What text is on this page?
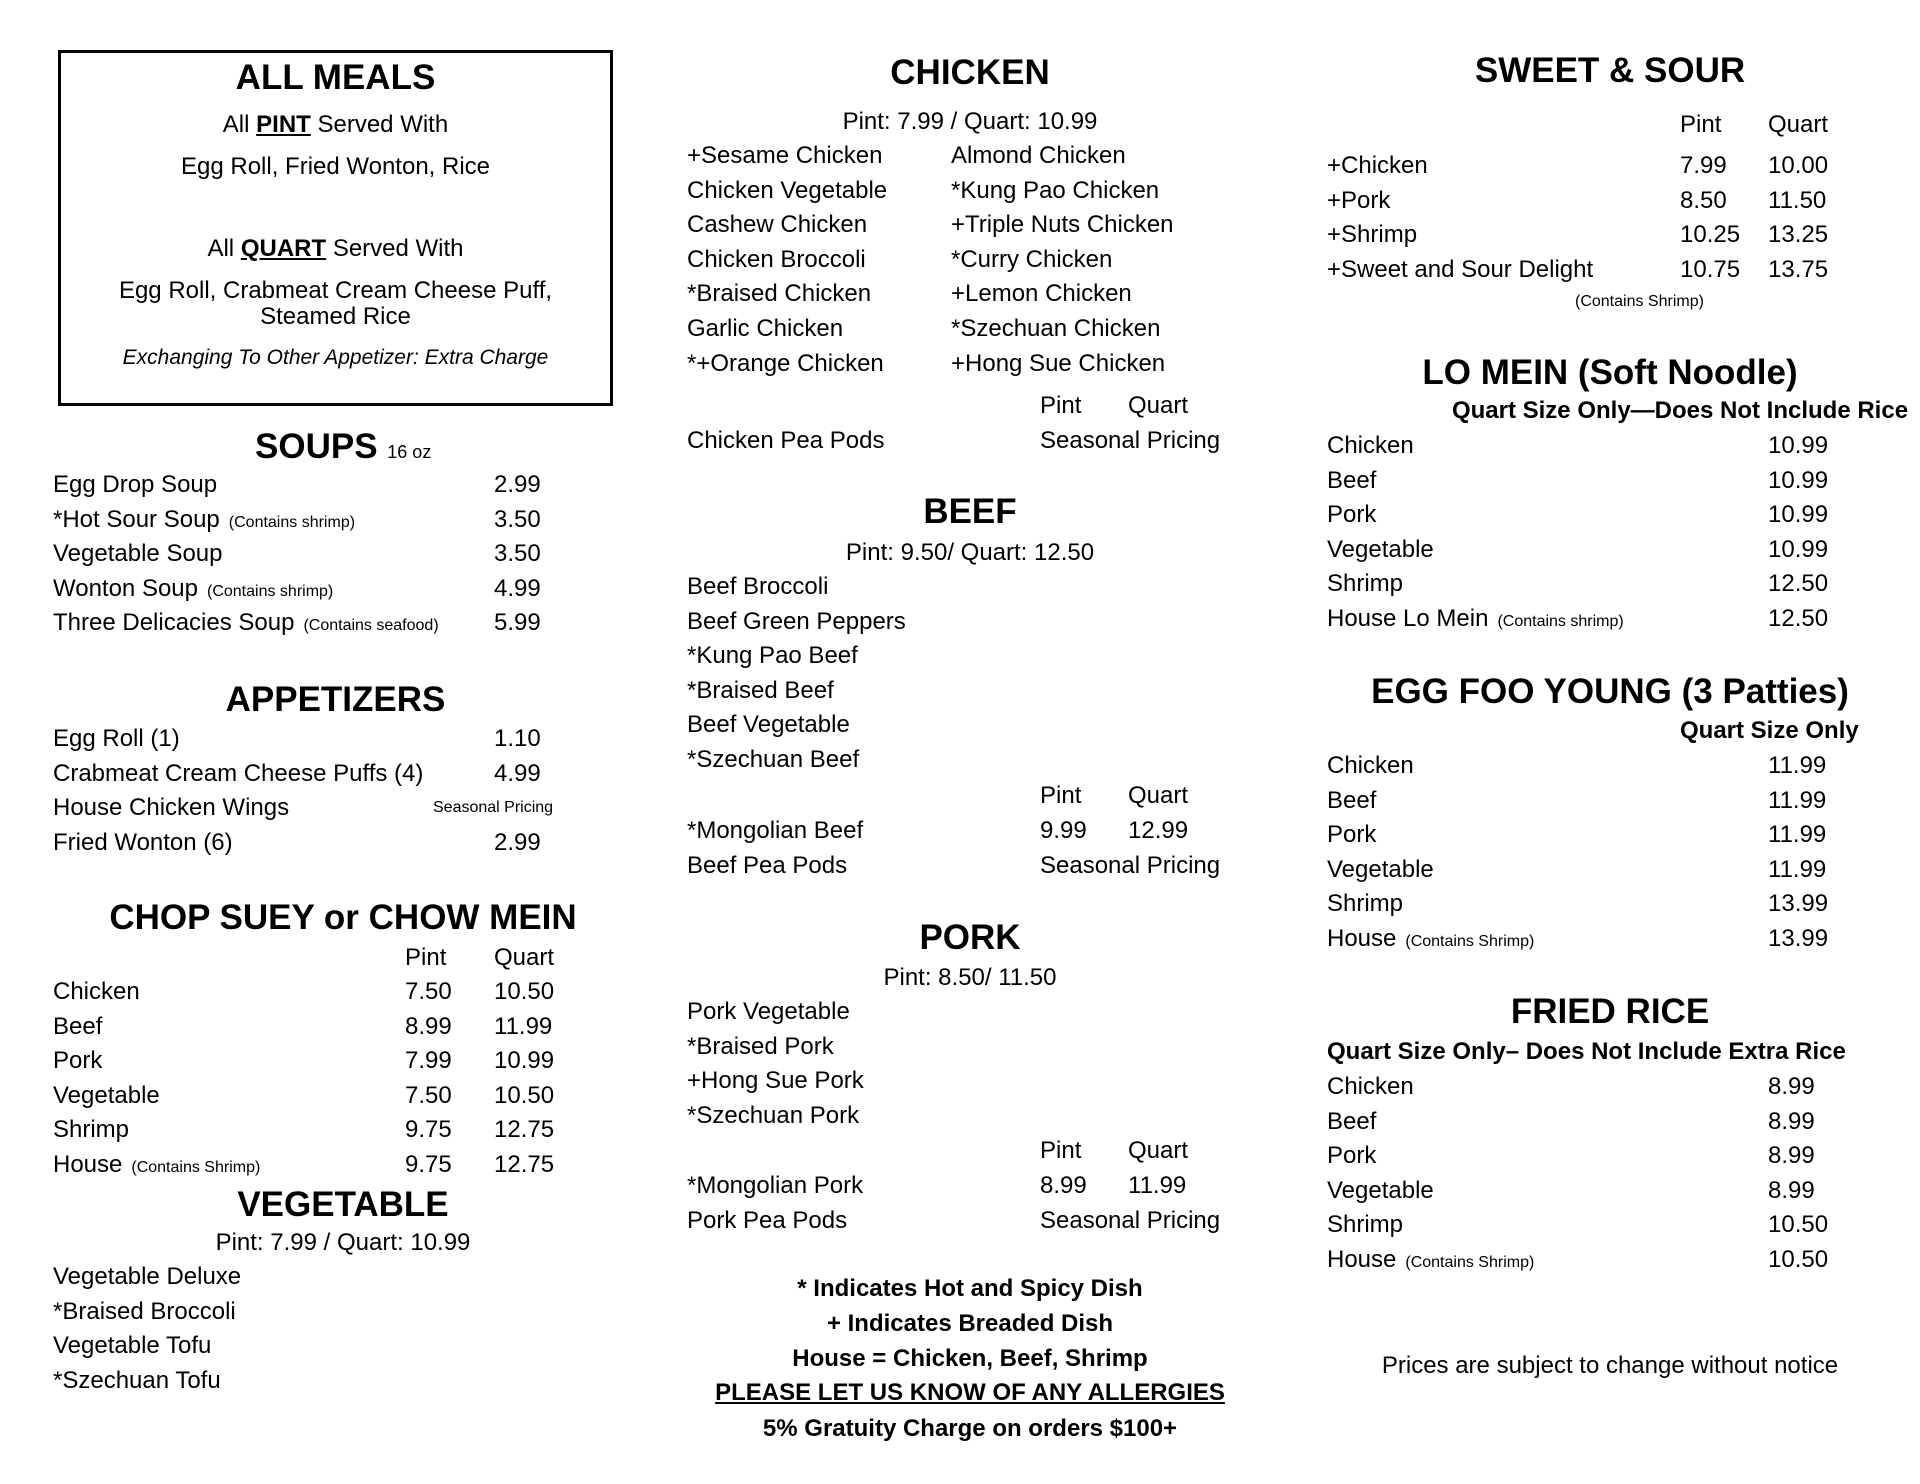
ALL MEALS
All PINT Served With
Egg Roll, Fried Wonton, Rice
All QUART Served With
Egg Roll, Crabmeat Cream Cheese Puff,
Steamed Rice
Exchanging To Other Appetizer: Extra Charge
SOUPS 16 oz
APPETIZERS
CHOP SUEY or CHOW MEIN
Pint Quart
VEGETABLE
Pint: 7.99 / Quart: 10.99
CHICKEN
Pint: 7.99 / Quart: 10.99
Pint Quart
Chicken Pea Pods	Seasonal Pricing
BEEF
Pint: 9.50/ Quart: 12.50
Pint Quart
*Mongolian Beef	9.99 12.99
Beef Pea Pods	Seasonal Pricing
PORK
Pint: 8.50/ 11.50
Pint Quart
*Mongolian Pork	8.99 11.99
Pork Pea Pods	Seasonal Pricing
* Indicates Hot and Spicy Dish
+ Indicates Breaded Dish
House = Chicken, Beef, Shrimp
PLEASE LET US KNOW OF ANY ALLERGIES
5% Gratuity Charge on orders $100+
SWEET & SOUR
Pint Quart
(Contains Shrimp)
LO MEIN (Soft Noodle)
Quart Size Only—Does Not Include Rice
EGG FOO YOUNG (3 Patties)
Quart Size Only
FRIED RICE
Quart Size Only– Does Not Include Extra Rice
Prices are subject to change without notice
Egg Drop Soup	2.99
*Hot Sour Soup (Contains shrimp)	3.50
Vegetable Soup	3.50
Wonton Soup (Contains shrimp)	4.99
Three Delicacies Soup (Contains seafood) 5.99
Egg Roll (1)	1.10
Crabmeat Cream Cheese Puffs (4)	4.99
House Chicken Wings	Seasonal Pricing
Fried Wonton (6)	2.99
Chicken	7.50 10.50
Beef	8.99 11.99
Pork	7.99 10.99
Vegetable	7.50 10.50
Shrimp	9.75 12.75
House (Contains Shrimp)	9.75 12.75
Vegetable Deluxe
*Braised Broccoli
Vegetable Tofu
*Szechuan Tofu
+Sesame Chicken
Chicken Vegetable
Cashew Chicken
Chicken Broccoli
*Braised Chicken
Garlic Chicken
*+Orange Chicken
Almond Chicken
*Kung Pao Chicken
+Triple Nuts Chicken
*Curry Chicken
+Lemon Chicken
*Szechuan Chicken
+Hong Sue Chicken
Beef Broccoli
Beef Green Peppers
*Kung Pao Beef
*Braised Beef
Beef Vegetable
*Szechuan Beef
Pork Vegetable
*Braised Pork
+Hong Sue Pork
*Szechuan Pork
+Chicken	7.99 10.00
+Pork	8.50 11.50
+Shrimp	10.25 13.25
+Sweet and Sour Delight	10.75 13.75
Chicken	10.99
Beef	10.99
Pork	10.99
Vegetable	10.99
Shrimp	12.50
House Lo Mein (Contains shrimp)	12.50
Chicken	11.99
Beef	11.99
Pork	11.99
Vegetable	11.99
Shrimp	13.99
House (Contains Shrimp)	13.99
Chicken	8.99
Beef	8.99
Pork	8.99
Vegetable	8.99
Shrimp	10.50
House (Contains Shrimp)	10.50
